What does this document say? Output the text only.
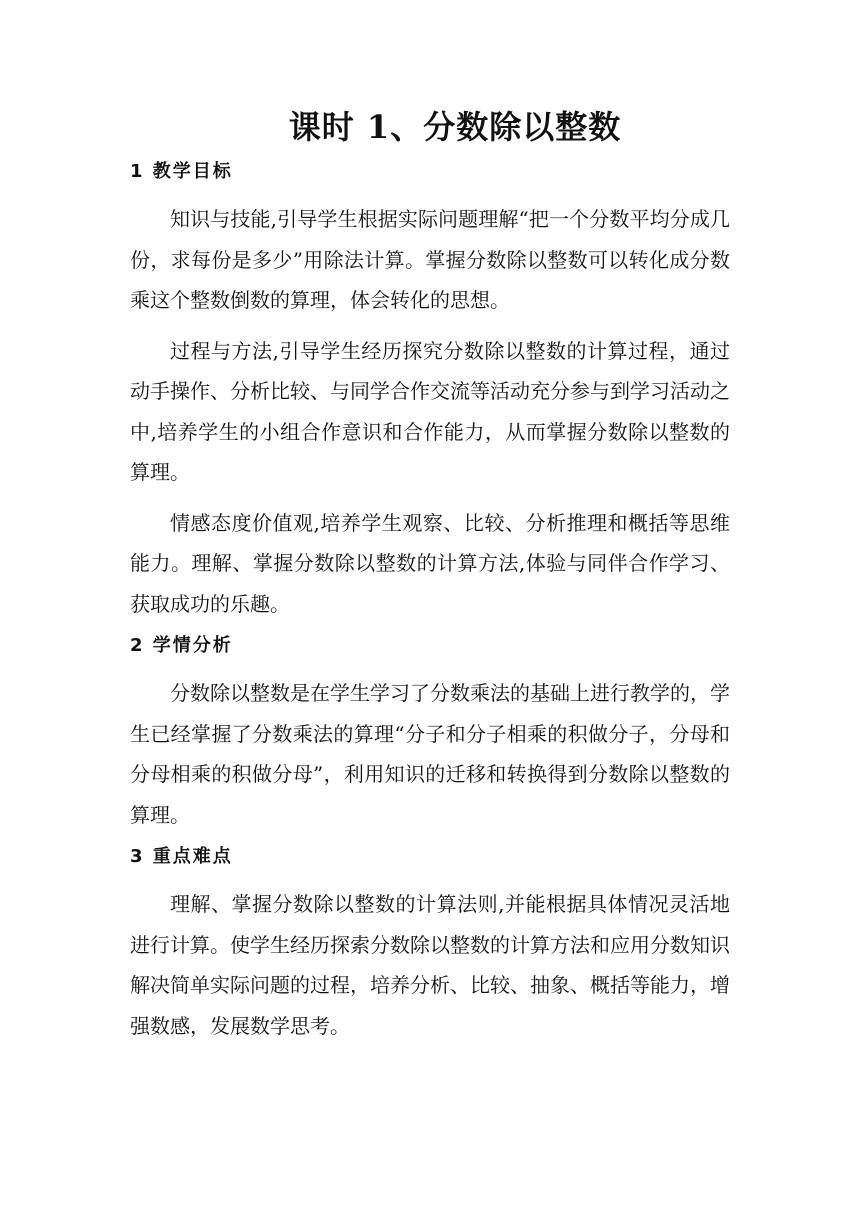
课时 1、分数除以整数
1 教学目标

知识与技能,引导学生根据实际问题理解“把一个分数平均分成几份，求每份是多少”用除法计算。掌握分数除以整数可以转化成分数乘这个整数倒数的算理，体会转化的思想。

过程与方法,引导学生经历探究分数除以整数的计算过程，通过动手操作、分析比较、与同学合作交流等活动充分参与到学习活动之中,培养学生的小组合作意识和合作能力，从而掌握分数除以整数的算理。

情感态度价值观,培养学生观察、比较、分析推理和概括等思维能力。理解、掌握分数除以整数的计算方法,体验与同伴合作学习、获取成功的乐趣。

2 学情分析

分数除以整数是在学生学习了分数乘法的基础上进行教学的，学生已经掌握了分数乘法的算理“分子和分子相乘的积做分子，分母和分母相乘的积做分母”，利用知识的迁移和转换得到分数除以整数的算理。

3 重点难点

理解、掌握分数除以整数的计算法则,并能根据具体情况灵活地进行计算。使学生经历探索分数除以整数的计算方法和应用分数知识解决简单实际问题的过程，培养分析、比较、抽象、概括等能力，增强数感，发展数学思考。
